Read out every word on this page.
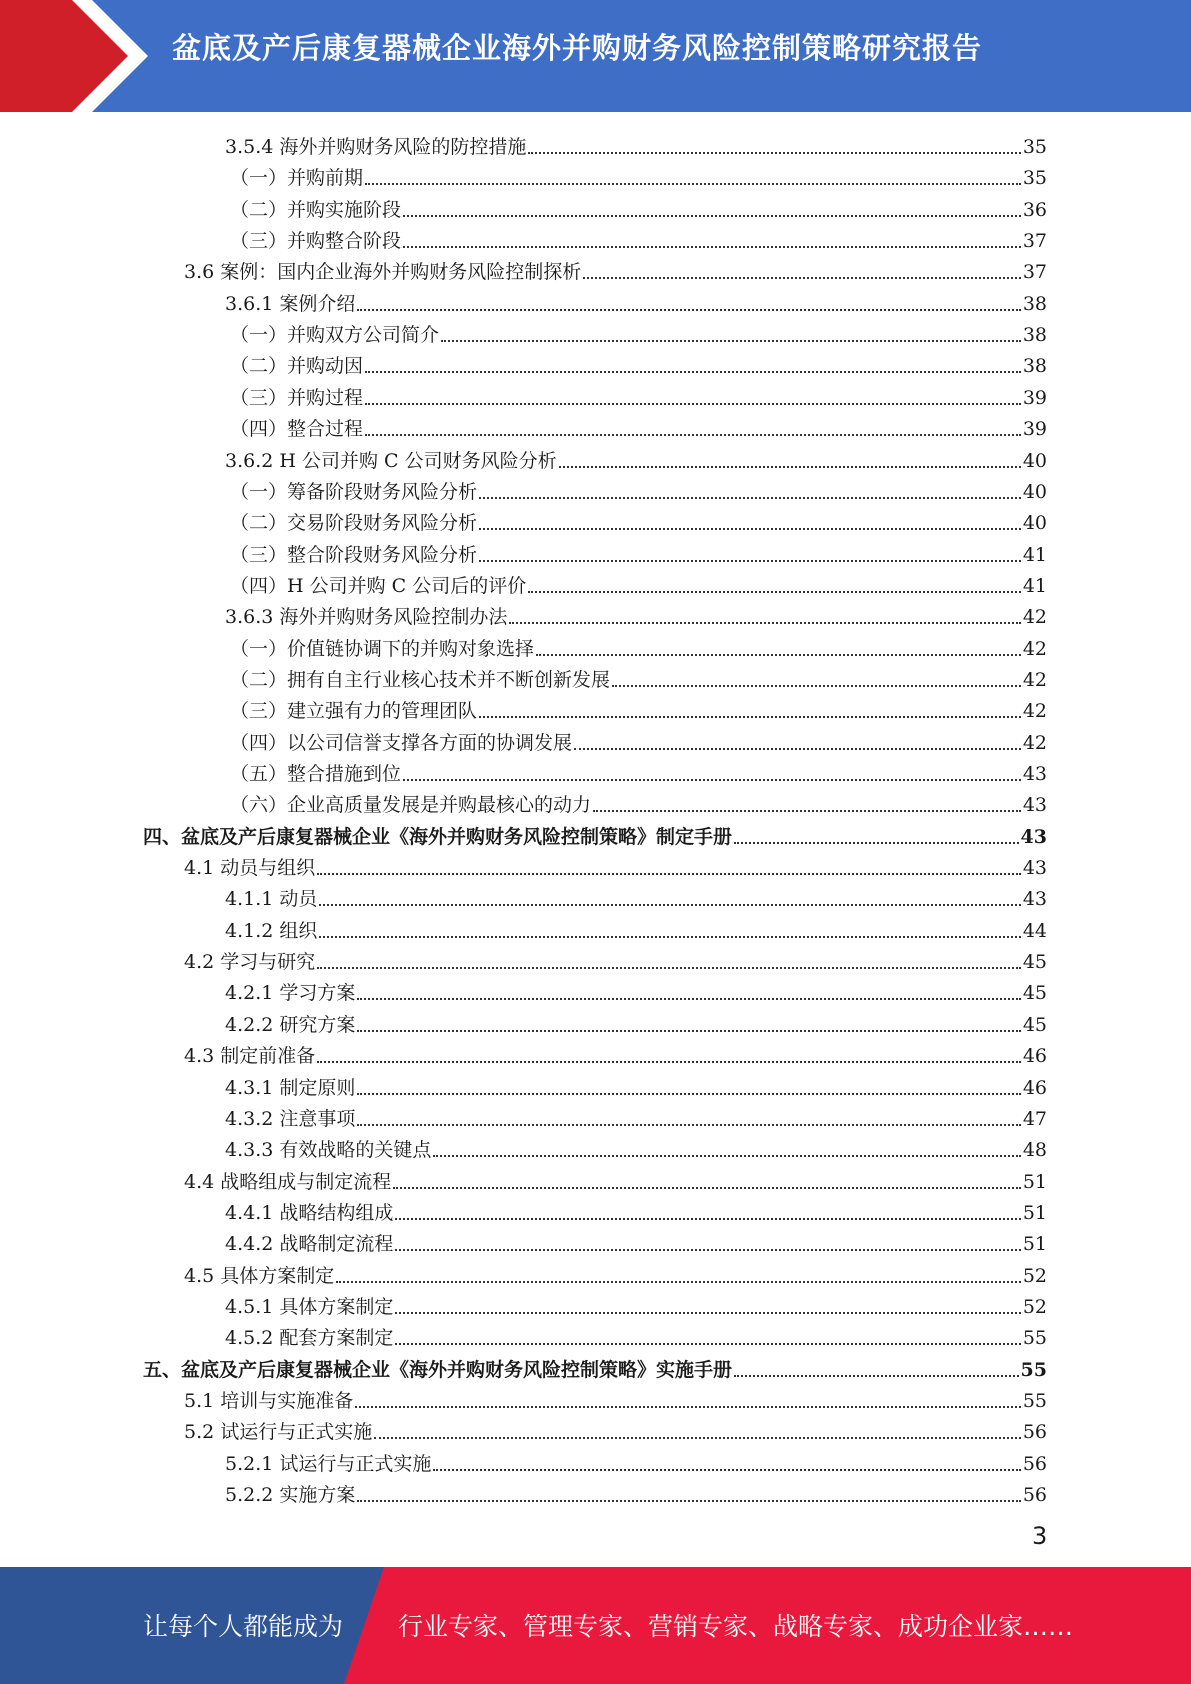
盆底及产后康复器械企业海外并购财务风险控制策略研究报告
3.5.4 海外并购财务风险的防控措施	35
（一）并购前期	35
（二）并购实施阶段	36
（三）并购整合阶段	37
3.6 案例：国内企业海外并购财务风险控制探析	37
3.6.1 案例介绍	38
（一）并购双方公司简介	38
（二）并购动因	38
（三）并购过程	39
（四）整合过程	39
3.6.2 H 公司并购 C 公司财务风险分析	40
（一）筹备阶段财务风险分析	40
（二）交易阶段财务风险分析	40
（三）整合阶段财务风险分析	41
（四）H 公司并购 C 公司后的评价	41
3.6.3 海外并购财务风险控制办法	42
（一）价值链协调下的并购对象选择	42
（二）拥有自主行业核心技术并不断创新发展	42
（三）建立强有力的管理团队	42
（四）以公司信誉支撑各方面的协调发展	42
（五）整合措施到位	43
（六）企业高质量发展是并购最核心的动力	43
四、盆底及产后康复器械企业《海外并购财务风险控制策略》制定手册	43
4.1 动员与组织	43
4.1.1 动员	43
4.1.2 组织	44
4.2 学习与研究	45
4.2.1 学习方案	45
4.2.2 研究方案	45
4.3 制定前准备	46
4.3.1 制定原则	46
4.3.2 注意事项	47
4.3.3 有效战略的关键点	48
4.4 战略组成与制定流程	51
4.4.1 战略结构组成	51
4.4.2 战略制定流程	51
4.5 具体方案制定	52
4.5.1 具体方案制定	52
4.5.2 配套方案制定	55
五、盆底及产后康复器械企业《海外并购财务风险控制策略》实施手册	55
5.1 培训与实施准备	55
5.2 试运行与正式实施	56
5.2.1 试运行与正式实施	56
5.2.2 实施方案	56
3
让每个人都能成为 行业专家、管理专家、营销专家、战略专家、成功企业家……
